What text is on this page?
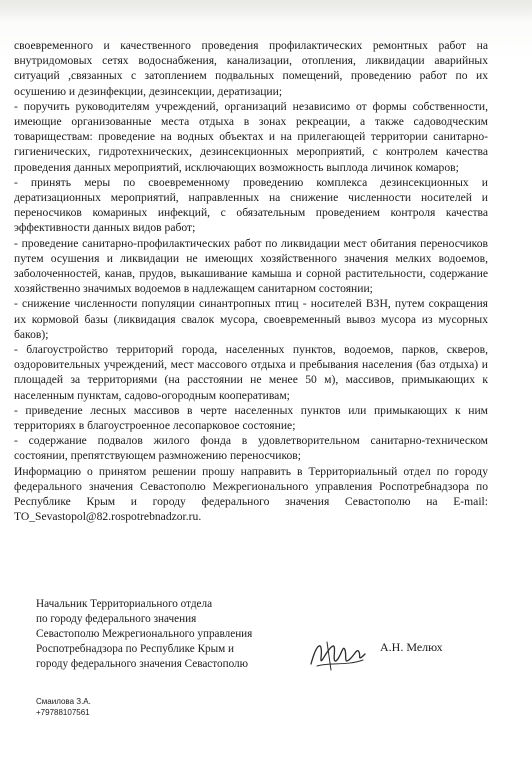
своевременного и качественного проведения профилактических ремонтных работ на внутридомовых сетях водоснабжения, канализации, отопления, ликвидации аварийных ситуаций ,связанных с затоплением подвальных помещений, проведению работ по их осушению и дезинфекции, дезинсекции, дератизации;

- поручить руководителям учреждений, организаций независимо от формы собственности, имеющие организованные места отдыха в зонах рекреации, а также садоводческим товариществам: проведение на водных объектах и на прилегающей территории санитарно-гигиенических, гидротехнических, дезинсекционных мероприятий, с контролем качества проведения данных мероприятий, исключающих возможность выплода личинок комаров;

- принять меры по своевременному проведению комплекса дезинсекционных и дератизационных мероприятий, направленных на снижение численности носителей и переносчиков комариных инфекций, с обязательным проведением контроля качества эффективности данных видов работ;

- проведение санитарно-профилактических работ по ликвидации мест обитания переносчиков путем осушения и ликвидации не имеющих хозяйственного значения мелких водоемов, заболоченностей, канав, прудов, выкашивание камыша и сорной растительности, содержание хозяйственно значимых водоемов в надлежащем санитарном состоянии;

- снижение численности популяции синантропных птиц - носителей ВЗН, путем сокращения их кормовой базы (ликвидация свалок мусора, своевременный вывоз мусора из мусорных баков);

- благоустройство территорий города, населенных пунктов, водоемов, парков, скверов, оздоровительных учреждений, мест массового отдыха и пребывания населения (баз отдыха) и площадей за территориями (на расстоянии не менее 50 м), массивов, примыкающих к населенным пунктам, садово-огородным кооперативам;

- приведение лесных массивов в черте населенных пунктов или примыкающих к ним территориях в благоустроенное лесопарковое состояние;

- содержание подвалов жилого фонда в удовлетворительном санитарно-техническом состоянии, препятствующем размножению переносчиков;

Информацию о принятом решении прошу направить в Территориальный отдел по городу федерального значения Севастополю Межрегионального управления Роспотребнадзора по Республике Крым и городу федерального значения Севастополю на E-mail: TO_Sevastopol@82.rospotrebnadzor.ru.

Начальник Территориального отдела
по городу федерального значения
Севастополю Межрегионального управления
Роспотребнадзора по Республике Крым и
городу федерального значения Севастополю
А.Н. Мелюх
Смаилова З.А.
+79788107561
